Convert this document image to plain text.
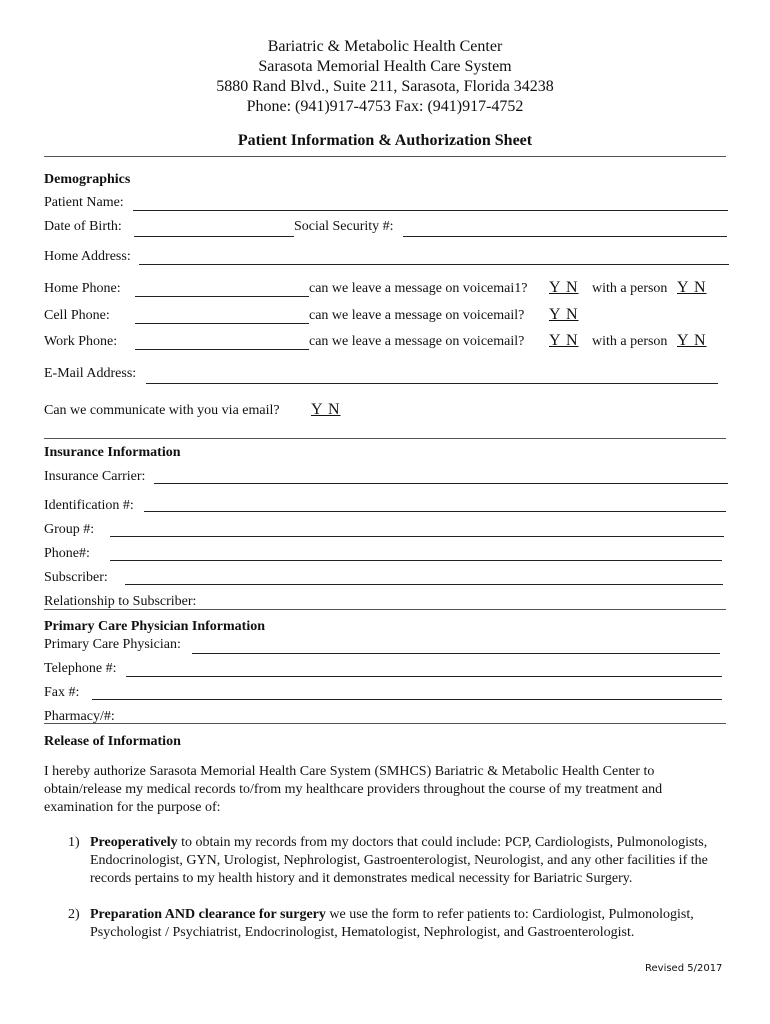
Bariatric & Metabolic Health Center
Sarasota Memorial Health Care System
5880 Rand Blvd., Suite 211, Sarasota, Florida 34238
Phone: (941)917-4753 Fax: (941)917-4752
Patient Information & Authorization Sheet
Demographics
Patient Name:
Date of Birth:	Social Security #:
Home Address:
Home Phone:	can we leave a message on voicemai1? Y N with a person Y N
Cell Phone:	can we leave a message on voicemail? Y N
Work Phone:	can we leave a message on voicemail? Y N with a person Y N
E-Mail Address:
Can we communicate with you via email? Y N
Insurance Information
Insurance Carrier:
Identification #:
Group #:
Phone#:
Subscriber:
Relationship to Subscriber:
Primary Care Physician Information
Primary Care Physician:
Telephone #:
Fax #:
Pharmacy/#:
Release of Information
I hereby authorize Sarasota Memorial Health Care System (SMHCS) Bariatric & Metabolic Health Center to obtain/release my medical records to/from my healthcare providers throughout the course of my treatment and examination for the purpose of:
1) Preoperatively to obtain my records from my doctors that could include: PCP, Cardiologists, Pulmonologists, Endocrinologist, GYN, Urologist, Nephrologist, Gastroenterologist, Neurologist, and any other facilities if the records pertains to my health history and it demonstrates medical necessity for Bariatric Surgery.
2) Preparation AND clearance for surgery we use the form to refer patients to: Cardiologist, Pulmonologist, Psychologist / Psychiatrist, Endocrinologist, Hematologist, Nephrologist, and Gastroenterologist.
Revised 5/2017
